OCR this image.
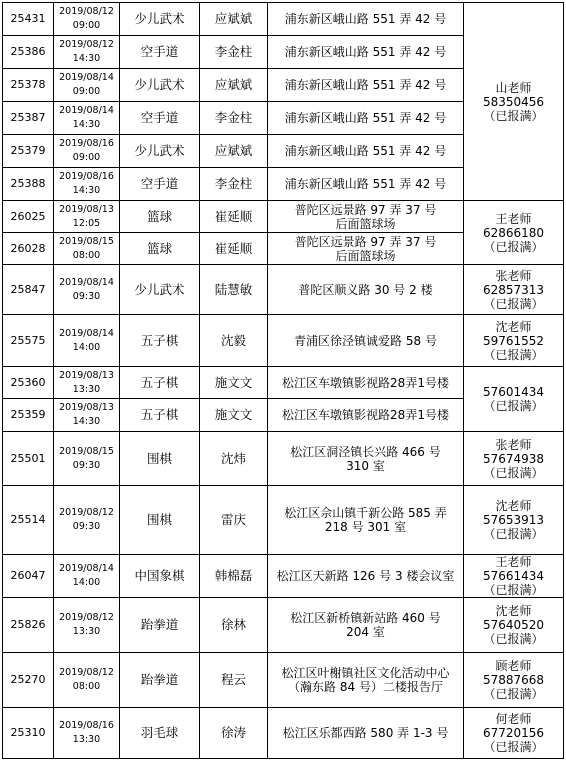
25431	2019/08/12
09:00	少儿武术	应斌斌	浦东新区峨山路 551 弄 42 号	山老师
58350456
（已报满）

25386	2019/08/12
14:30	空手道	李金柱	浦东新区峨山路 551 弄 42 号	

25378	2019/08/14
09:00	少儿武术	应斌斌	浦东新区峨山路 551 弄 42 号	

25387	2019/08/14
14:30	空手道	李金柱	浦东新区峨山路 551 弄 42 号	

25379	2019/08/16
09:00	少儿武术	应斌斌	浦东新区峨山路 551 弄 42 号	

25388	2019/08/16
14:30	空手道	李金柱	浦东新区峨山路 551 弄 42 号	

26025	2019/08/13
12:05	篮球	崔延顺	普陀区远景路 97 弄 37 号
后面篮球场	王老师
62866180
（已报满）

26028	2019/08/15
08:00	篮球	崔延顺	普陀区远景路 97 弄 37 号
后面篮球场	

25847	2019/08/14
09:30	少儿武术	陆慧敏	普陀区顺义路 30 号 2 楼	张老师
62857313
（已报满）

25575	2019/08/14
14:00	五子棋	沈毅	青浦区徐泾镇诚爱路 58 号	沈老师
59761552
（已报满）

25360	2019/08/13
13:30	五子棋	施文文	松江区车墩镇影视路28弄1号楼	57601434
（已报满）

25359	2019/08/13
14:30	五子棋	施文文	松江区车墩镇影视路28弄1号楼	

25501	2019/08/15
09:30	围棋	沈炜	松江区洞泾镇长兴路 466 号
310 室	张老师
57674938
（已报满）

25514	2019/08/12
09:30	围棋	雷庆	松江区佘山镇千新公路 585 弄
218 号 301 室	沈老师
57653913
（已报满）

26047	2019/08/14
14:00	中国象棋	韩棉磊	松江区天新路 126 号 3 楼会议室	王老师
57661434
（已报满）

25826	2019/08/12
13:30	跆拳道	徐林	松江区新桥镇新站路 460 号
204 室	沈老师
57640520
（已报满）

25270	2019/08/12
08:00	跆拳道	程云	松江区叶榭镇社区文化活动中心
（瀚东路 84 号）二楼报告厅	顾老师
57887668
（已报满）

25310	2019/08/16
13:30	羽毛球	徐涛	松江区乐都西路 580 弄 1-3 号	何老师
67720156
（已报满）
